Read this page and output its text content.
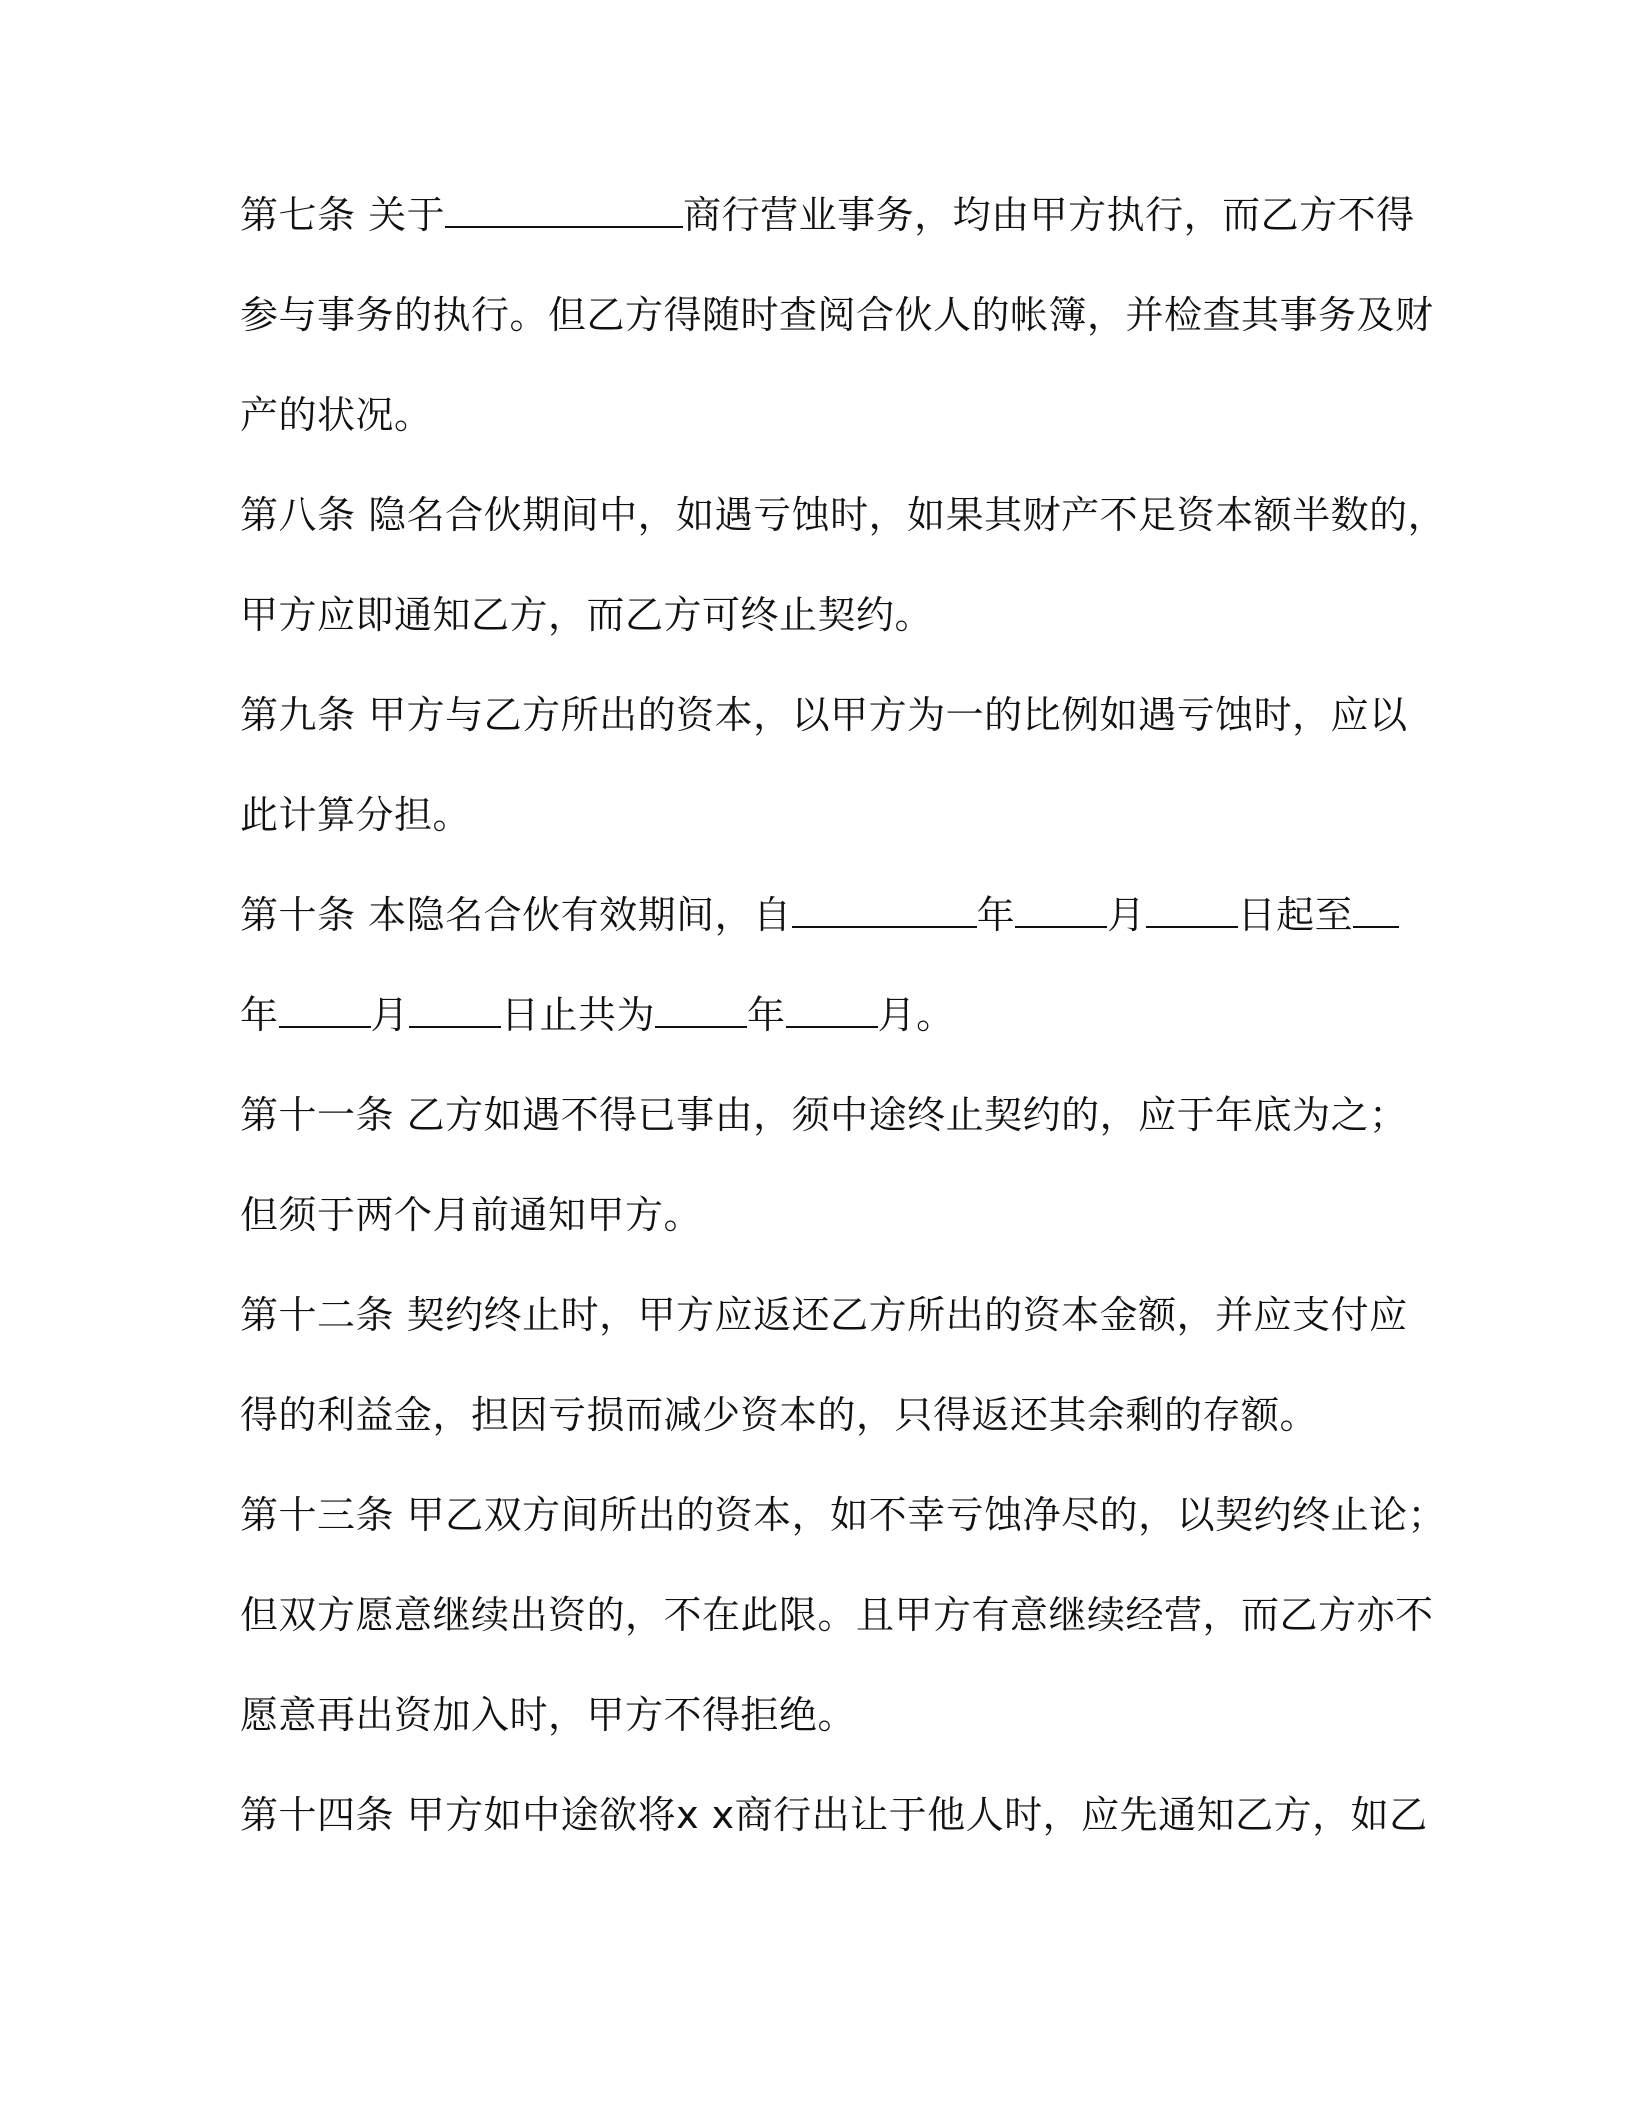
第七条 关于	商行营业事务，均由甲方执行，而乙方不得
参与事务的执行。但乙方得随时查阅合伙人的帐簿，并检查其事务及财
产的状况。
第八条 隐名合伙期间中，如遇亏蚀时，如果其财产不足资本额半数的，
甲方应即通知乙方，而乙方可终止契约。
第九条 甲方与乙方所出的资本，以甲方为一的比例如遇亏蚀时，应以
此计算分担。
第十条 本隐名合伙有效期间，自	年 月 日起至
年 月 日止共为 年 月。
第十一条 乙方如遇不得已事由，须中途终止契约的，应于年底为之；
但须于两个月前通知甲方。
第十二条 契约终止时，甲方应返还乙方所出的资本金额，并应支付应
得的利益金，担因亏损而减少资本的，只得返还其余剩的存额。
第十三条 甲乙双方间所出的资本，如不幸亏蚀净尽的，以契约终止论；
但双方愿意继续出资的，不在此限。且甲方有意继续经营，而乙方亦不
愿意再出资加入时，甲方不得拒绝。
第十四条 甲方如中途欲将x x商行出让于他人时，应先通知乙方，如乙
